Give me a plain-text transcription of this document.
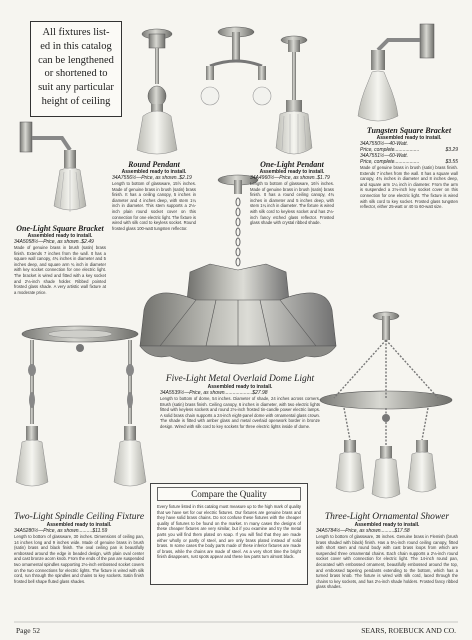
All fixtures list-
ed in this catalog
can be lengthened
or shortened to
suit any particular
height of ceiling
Round Pendant
Assembled ready to install.
34A7556½—Price, as shown..$2.19
Length to bottom of glassware, 15½ inches. Made of genuine brass in brush (satin) brass finish. It has a ceiling canopy, 5 inches in diameter and 4 inches deep, with stem 1¼ inch in diameter. This stem supports a 2⅛-inch plain round socket cover on this connection for one electric light. The fixture is wired with silk cord to keyless socket. Round frosted glass 100-watt tungsten reflector.
One-Light Pendant
Assembled ready to install.
34A4960½—Price, as shown..$1.79
Length to bottom of glassware, 16½ inches. Made of genuine brass in brush (satin) brass finish. It has a round ceiling canopy, 4¾ inches in diameter and 5 inches deep, with stem 1¼ inch in diameter. The fixture is wired with silk cord to keyless socket and has 2⅛-inch fancy etched glass reflector. Frosted glass shade with crystal ribbed shade.
Tungsten Square Bracket
Assembled ready to install.
34A7550½—40-Watt.
Price, complete..................	$3.29
34A7551½—60-Watt.
Price, complete..................	$3.55
Made of genuine brass in brush (satin) brass finish. Extends 7 inches from the wall. It has a square wall canopy, 4¾ inches in diameter and 8 inches deep, and square arm 1¼ inch in diameter. From the arm is suspended a 2⅛-inch key socket cover on this connection for one electric light. The fixture is wired with silk cord to key socket. Frosted glass tungsten reflector, either 25-watt or 40 to 60-watt size.
One-Light Square Bracket
Assembled ready to install.
34A5058½—Price, as shown..$2.49
Made of genuine brass in brush (satin) brass finish. Extends 7 inches from the wall. It has a square wall canopy, 4¾ inches in diameter and 5 inches deep, and square arm ¾ inch in diameter with key socket connection for one electric light. The bracket is wired and fitted with a key socket and 2⅛-inch shade holder. Ribbed pointed frosted glass shade. A very artistic wall fixture at a moderate price.
Five-Light Metal Overlaid Dome Light
Assembled ready to install.
34A5539½—Price, as shown....................$27.98
Length to bottom of dome, 54 inches. Diameter of shade, 24 inches across corners. Brush (satin) brass finish. Ceiling canopy, 6 inches in diameter, with two electric lights fitted with keyless sockets and round 2⅛-inch frosted tin-candle power electric lamps. A solid brass chain supports a 24-inch eight-panel dome with ornamental glass crown. The shade is fitted with amber glass and metal overlaid openwork border in bronze design. Wired with silk cord to key sockets for three electric lights inside of dome.
Two-Light Spindle Ceiling Fixture
Assembled ready to install.
34A5280½—Price, as shown..........$11.59
Length to bottom of glassware, 30 inches. Dimensions of ceiling pan, 14 inches long and 9 inches wide. Made of genuine brass in brush (satin) brass and black finish. The oval ceiling pan is beautifully embossed around the edge in beaded design, with plain oval center and cast bronze acorn knob. From the ends of the pan are suspended two ornamental spindles supporting 2⅛-inch embossed socket covers on the two connections for electric lights. The fixture is wired with silk cord, run through the spindles and chains to key sockets. Satin finish frosted bell shape fluted glass shades.
Three-Light Ornamental Shower
Assembled ready to install.
34A5784½—Price, as shown..........$17.58
Length to bottom of glassware, 36 inches. Genuine brass in Flemish (brush brass shaded with black) finish. Has a 5¼-inch round ceiling canopy, fitted with short stem and round body with cast brass loops from which are suspended three ornamental chains. Each chain supports a 2⅛-inch round socket cover with connection for electric light. The 14-inch round pan, decorated with embossed ornament, beautifully embossed around the top, and embossed tapering pendants extending to the bottom, which has a turned brass knob. The fixture is wired with silk cord, laced through the chains to key sockets, and has 2⅛-inch shade holders. Frosted fancy ribbed glass shades.
Compare the Quality
Every fixture listed in this catalog must measure up to the high mark of quality that we have set for our electric fixtures. Our fixtures are genuine brass and they have solid brass chains. Do not confuse these fixtures with the cheaper quality of fixtures to be found on the market. In many cases the designs of these cheaper fixtures are very similar, but if you examine and try the metal parts you will find them plated on soap. If you will find that they are made either wholly or partly of steel, and are only brass plated instead of solid brass. In some cases the body parts made of these inferior fixtures are made of brass, while the chains are made of steel. As a very short time the bright finish disappears, rust spots appear and these low parts turn almost black.
Page 52	SEARS, ROEBUCK AND CO.
